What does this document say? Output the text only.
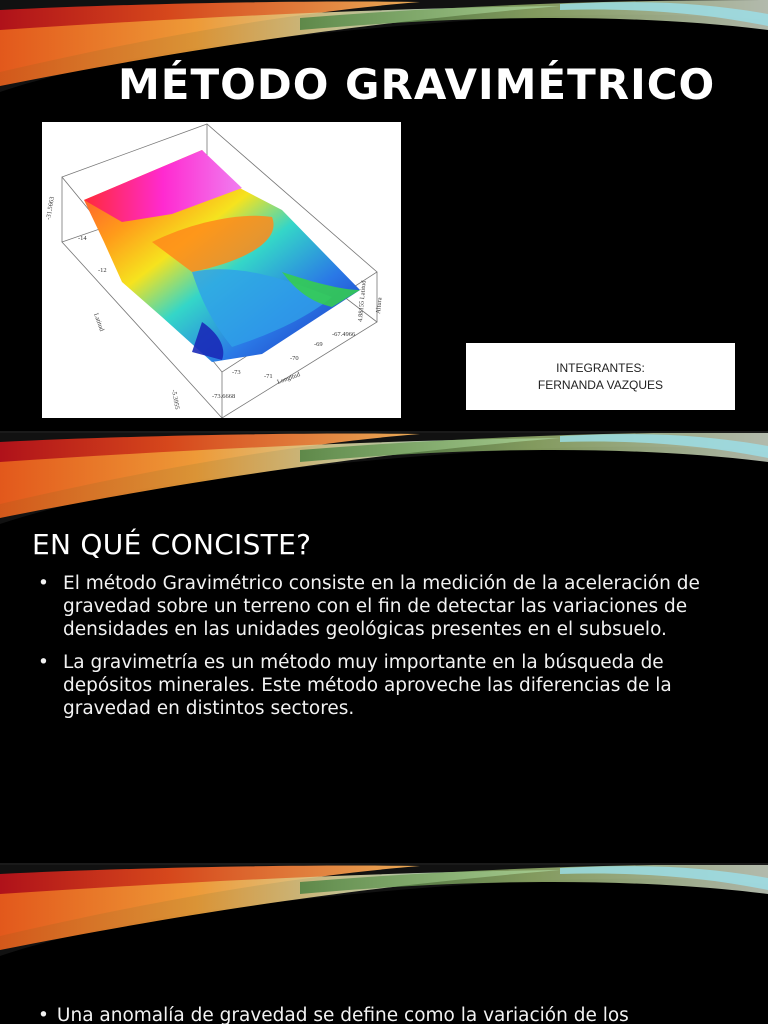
MÉTODO GRAVIMÉTRICO
-31.5663
-14
-12
Latitud
4.88155 Latitud Altura
-73
-71
-70
-69
-67.4966
Longitud
-5.3955	-73.6668
INTEGRANTES:
FERNANDA VAZQUES
EN QUÉ CONCISTE?
• El método Gravimétrico consiste en la medición de la aceleración de gravedad sobre un terreno con el fin de detectar las variaciones de densidades en las unidades geológicas presentes en el subsuelo.
• La gravimetría es un método muy importante en la búsqueda de depósitos minerales. Este método aproveche las diferencias de la gravedad en distintos sectores.
• Una anomalía de gravedad se define como la variación de los
